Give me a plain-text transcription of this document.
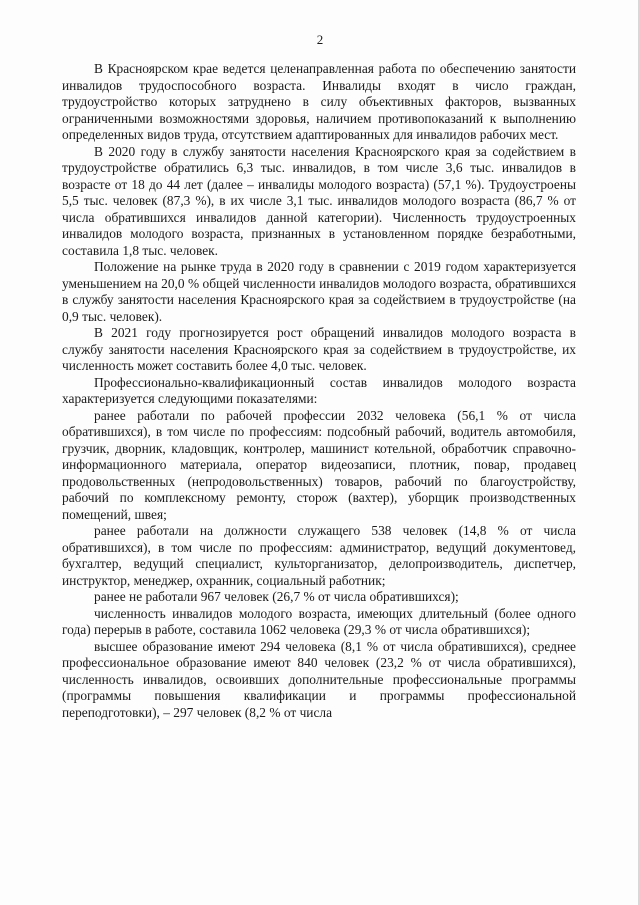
2

В Красноярском крае ведется целенаправленная работа по обеспечению занятости инвалидов трудоспособного возраста. Инвалиды входят в число граждан, трудоустройство которых затруднено в силу объективных факторов, вызванных ограниченными возможностями здоровья, наличием противопоказаний к выполнению определенных видов труда, отсутствием адаптированных для инвалидов рабочих мест.

В 2020 году в службу занятости населения Красноярского края за содействием в трудоустройстве обратились 6,3 тыс. инвалидов, в том числе 3,6 тыс. инвалидов в возрасте от 18 до 44 лет (далее – инвалиды молодого возраста) (57,1 %). Трудоустроены 5,5 тыс. человек (87,3 %), в их числе 3,1 тыс. инвалидов молодого возраста (86,7 % от числа обратившихся инвалидов данной категории). Численность трудоустроенных инвалидов молодого возраста, признанных в установленном порядке безработными, составила 1,8 тыс. человек.

Положение на рынке труда в 2020 году в сравнении с 2019 годом характеризуется уменьшением на 20,0 % общей численности инвалидов молодого возраста, обратившихся в службу занятости населения Красноярского края за содействием в трудоустройстве (на 0,9 тыс. человек).

В 2021 году прогнозируется рост обращений инвалидов молодого возраста в службу занятости населения Красноярского края за содействием в трудоустройстве, их численность может составить более 4,0 тыс. человек.

Профессионально-квалификационный состав инвалидов молодого возраста характеризуется следующими показателями:

ранее работали по рабочей профессии 2032 человека (56,1 % от числа обратившихся), в том числе по профессиям: подсобный рабочий, водитель автомобиля, грузчик, дворник, кладовщик, контролер, машинист котельной, обработчик справочно-информационного материала, оператор видеозаписи, плотник, повар, продавец продовольственных (непродовольственных) товаров, рабочий по благоустройству, рабочий по комплексному ремонту, сторож (вахтер), уборщик производственных помещений, швея;

ранее работали на должности служащего 538 человек (14,8 % от числа обратившихся), в том числе по профессиям: администратор, ведущий документовед, бухгалтер, ведущий специалист, культорганизатор, делопроизводитель, диспетчер, инструктор, менеджер, охранник, социальный работник;

ранее не работали 967 человек (26,7 % от числа обратившихся);

численность инвалидов молодого возраста, имеющих длительный (более одного года) перерыв в работе, составила 1062 человека (29,3 % от числа обратившихся);

высшее образование имеют 294 человека (8,1 % от числа обратившихся), среднее профессиональное образование имеют 840 человек (23,2 % от числа обратившихся), численность инвалидов, освоивших дополнительные профессиональные программы (программы повышения квалификации и программы профессиональной переподготовки), – 297 человек (8,2 % от числа
